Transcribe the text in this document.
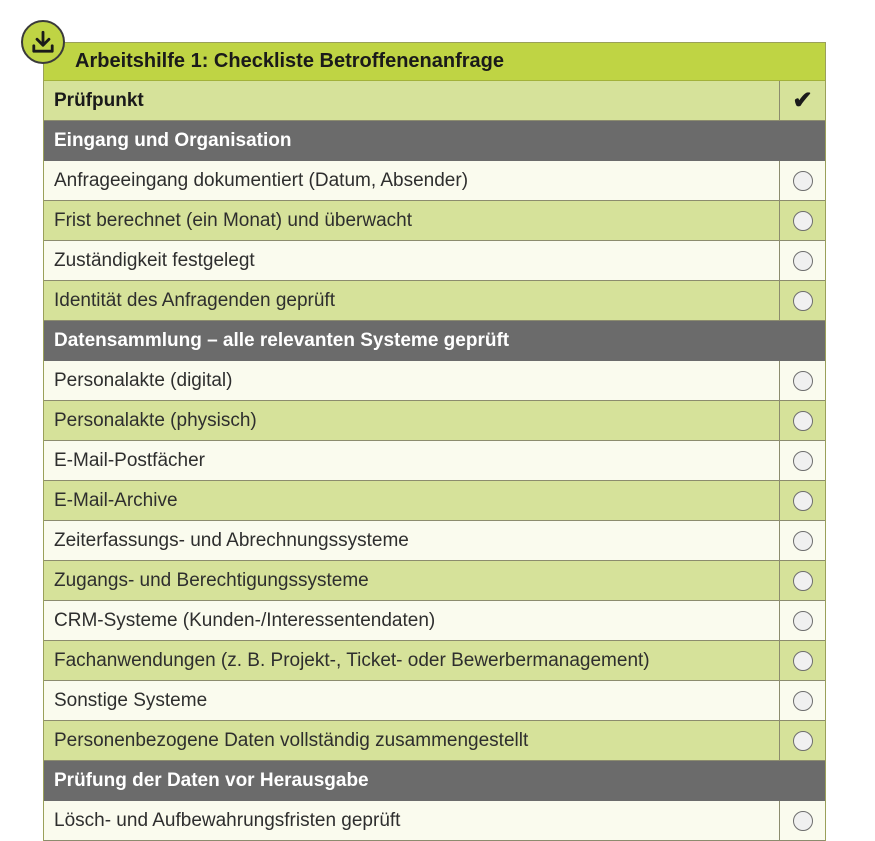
Arbeitshilfe 1: Checkliste Betroffenenanfrage
Prüfpunkt	✔
Eingang und Organisation
Anfrageeingang dokumentiert (Datum, Absender)
Frist berechnet (ein Monat) und überwacht
Zuständigkeit festgelegt
Identität des Anfragenden geprüft
Datensammlung – alle relevanten Systeme geprüft
Personalakte (digital)
Personalakte (physisch)
E-Mail-Postfächer
E-Mail-Archive
Zeiterfassungs- und Abrechnungssysteme
Zugangs- und Berechtigungssysteme
CRM-Systeme (Kunden-/Interessentendaten)
Fachanwendungen (z. B. Projekt-, Ticket- oder Bewerbermanagement)
Sonstige Systeme
Personenbezogene Daten vollständig zusammengestellt
Prüfung der Daten vor Herausgabe
Lösch- und Aufbewahrungsfristen geprüft
